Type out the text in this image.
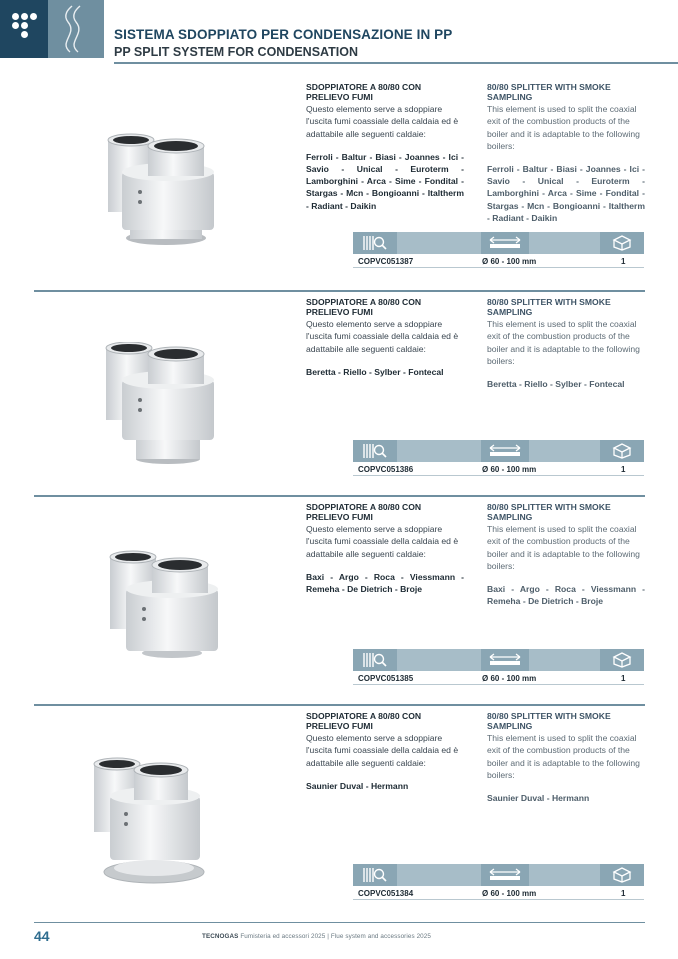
SISTEMA SDOPPIATO PER CONDENSAZIONE IN PP
PP SPLIT SYSTEM FOR CONDENSATION
SDOPPIATORE A 80/80 CON PRELIEVO FUMI
Questo elemento serve a sdoppiare l'uscita fumi coassiale della caldaia ed è adattabile alle seguenti caldaie:
Ferroli - Baltur - Biasi - Joannes - Ici - Savio - Unical - Euroterm - Lamborghini - Arca - Sime - Fondital - Stargas - Mcn - Bongioanni - Italtherm - Radiant - Daikin
80/80 SPLITTER WITH SMOKE SAMPLING
This element is used to split the coaxial exit of the combustion products of the boiler and it is adaptable to the following boilers:
Ferroli - Baltur - Biasi - Joannes - Ici - Savio - Unical - Euroterm - Lamborghini - Arca - Sime - Fondital - Stargas - Mcn - Bongioanni - Italtherm - Radiant - Daikin
COPVC051387	Ø 60 - 100 mm	1
SDOPPIATORE A 80/80 CON PRELIEVO FUMI
Questo elemento serve a sdoppiare l'uscita fumi coassiale della caldaia ed è adattabile alle seguenti caldaie:
Beretta - Riello - Sylber - Fontecal
80/80 SPLITTER WITH SMOKE SAMPLING
This element is used to split the coaxial exit of the combustion products of the boiler and it is adaptable to the following boilers:
Beretta - Riello - Sylber - Fontecal
COPVC051386	Ø 60 - 100 mm	1
SDOPPIATORE A 80/80 CON PRELIEVO FUMI
Questo elemento serve a sdoppiare l'uscita fumi coassiale della caldaia ed è adattabile alle seguenti caldaie:
Baxi - Argo - Roca - Viessmann - Remeha - De Dietrich - Broje
80/80 SPLITTER WITH SMOKE SAMPLING
This element is used to split the coaxial exit of the combustion products of the boiler and it is adaptable to the following boilers:
Baxi - Argo - Roca - Viessmann - Remeha - De Dietrich - Broje
COPVC051385	Ø 60 - 100 mm	1
SDOPPIATORE A 80/80 CON PRELIEVO FUMI
Questo elemento serve a sdoppiare l'uscita fumi coassiale della caldaia ed è adattabile alle seguenti caldaie:
Saunier Duval - Hermann
80/80 SPLITTER WITH SMOKE SAMPLING
This element is used to split the coaxial exit of the combustion products of the boiler and it is adaptable to the following boilers:
Saunier Duval - Hermann
COPVC051384	Ø 60 - 100 mm	1
44	TECNOGAS Fumisteria ed accessori 2025 | Flue system and accessories 2025
